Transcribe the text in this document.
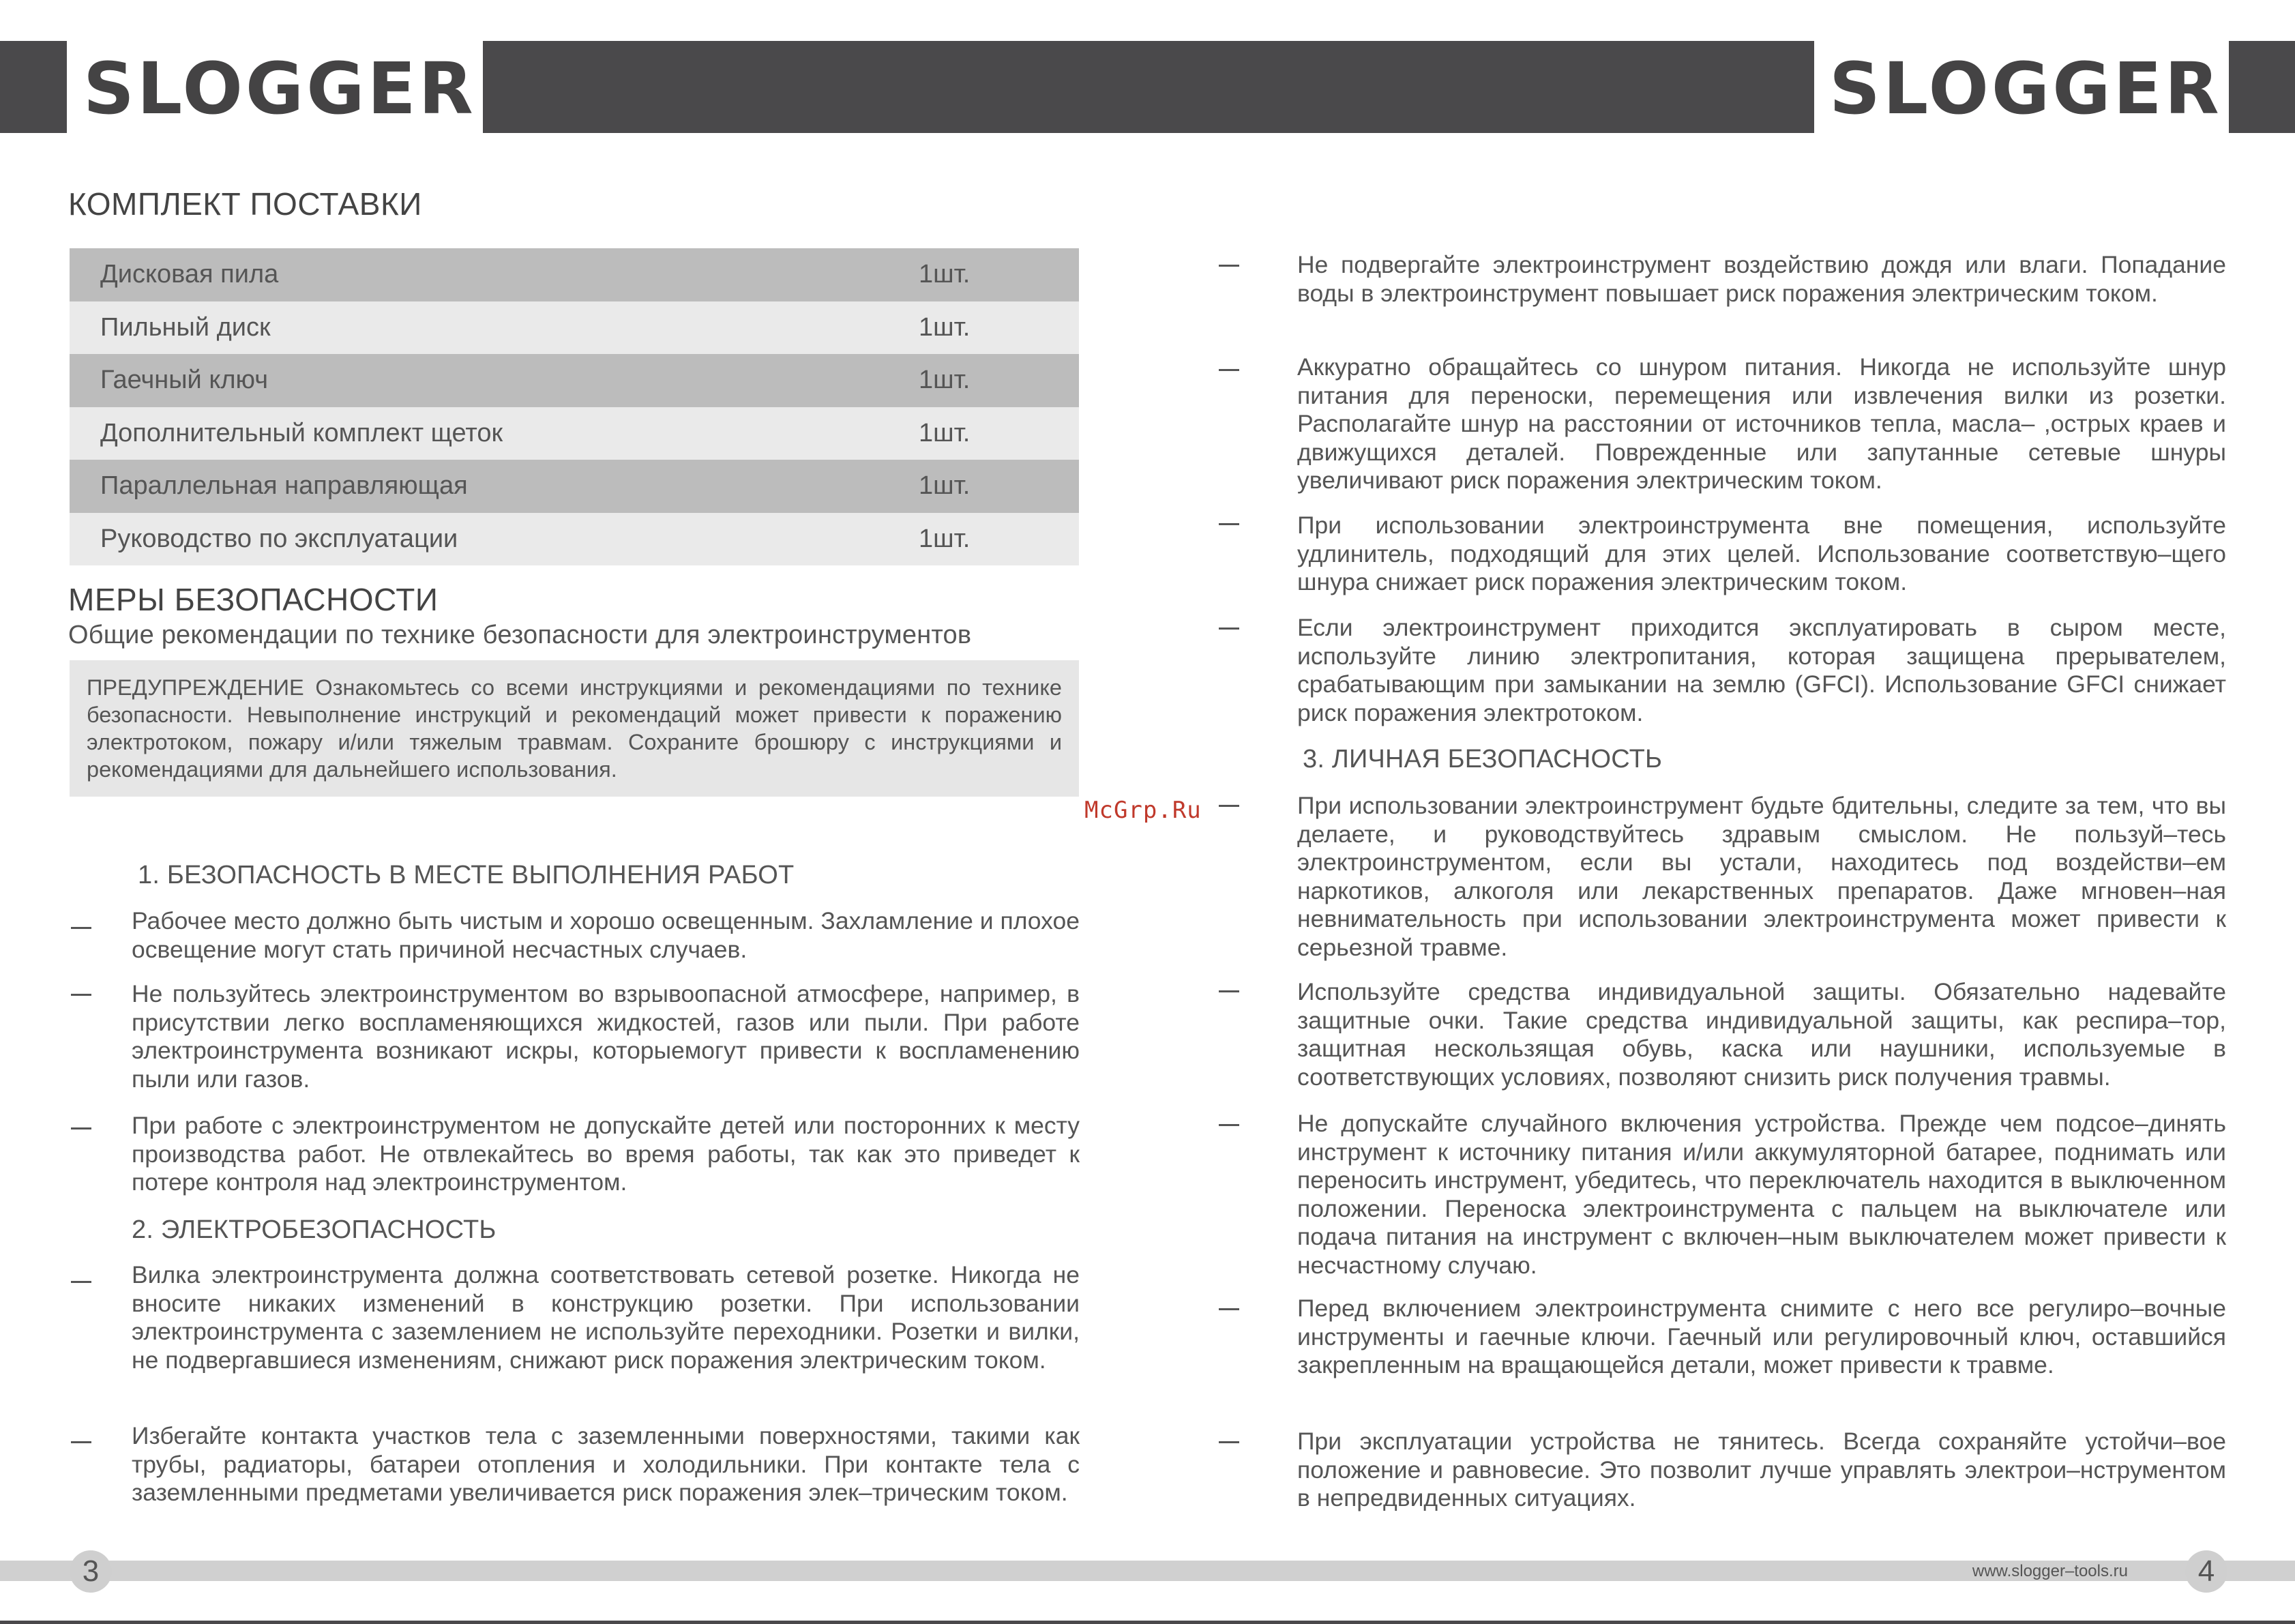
SLOGGER	SLOGGER
КОМПЛЕКТ ПОСТАВКИ
Дисковая пила	1шт.
Пильный диск	1шт.
Гаечный ключ	1шт.
Дополнительный комплект щеток	1шт.
Параллельная направляющая	1шт.
Руководство по эксплуатации	1шт.
МЕРЫ БЕЗОПАСНОСТИ
Общие рекомендации по технике безопасности для электроинструментов
ПРЕДУПРЕЖДЕНИЕ Ознакомьтесь со всеми инструкциями и рекомендациями по технике безопасности. Невыполнение инструкций и рекомендаций может привести к поражению электротоком, пожару и/или тяжелым травмам. Сохраните брошюру с инструкциями и рекомендациями для дальнейшего использования.
1. БЕЗОПАСНОСТЬ В МЕСТЕ ВЫПОЛНЕНИЯ РАБОТ
Рабочее место должно быть чистым и хорошо освещенным. Захламление и плохое освещение могут стать причиной несчастных случаев.
Не пользуйтесь электроинструментом во взрывоопасной атмосфере, например, в присутствии легко воспламеняющихся жидкостей, газов или пыли. При работе электроинструмента возникают искры, которыемогут привести к воспламенению пыли или газов.
При работе с электроинструментом не допускайте детей или посторонних к месту производства работ. Не отвлекайтесь во время работы, так как это приведет к потере контроля над электроинструментом.
2. ЭЛЕКТРОБЕЗОПАСНОСТЬ
Вилка электроинструмента должна соответствовать сетевой розетке. Никогда не вносите никаких изменений в конструкцию розетки. При использовании электроинструмента с заземлением не используйте переходники. Розетки и вилки, не подвергавшиеся изменениям, снижают риск поражения электрическим током.
Избегайте контакта участков тела с заземленными поверхностями, такими как трубы, радиаторы, батареи отопления и холодильники. При контакте тела с заземленными предметами увеличивается риск поражения элек–трическим током.
McGrp.Ru
Не подвергайте электроинструмент воздействию дождя или влаги. Попадание воды в электроинструмент повышает риск поражения электрическим током.
Аккуратно обращайтесь со шнуром питания. Никогда не используйте шнур питания для переноски, перемещения или извлечения вилки из розетки. Располагайте шнур на расстоянии от источников тепла, масла– ,острых краев и движущихся деталей. Поврежденные или запутанные сетевые шнуры увеличивают риск поражения электрическим током.
При использовании электроинструмента вне помещения, используйте удлинитель, подходящий для этих целей. Использование соответствую–щего шнура снижает риск поражения электрическим током.
Если электроинструмент приходится эксплуатировать в сыром месте, используйте линию электропитания, которая защищена прерывателем, срабатывающим при замыкании на землю (GFCI). Использование GFCI снижает риск поражения электротоком.
3. ЛИЧНАЯ БЕЗОПАСНОСТЬ
При использовании электроинструмент будьте бдительны, следите за тем, что вы делаете, и руководствуйтесь здравым смыслом. Не пользуй–тесь электроинструментом, если вы устали, находитесь под воздействи–ем наркотиков, алкоголя или лекарственных препаратов. Даже мгновен–ная невнимательность при использовании электроинструмента может привести к серьезной травме.
Используйте средства индивидуальной защиты. Обязательно надевайте защитные очки. Такие средства индивидуальной защиты, как респира–тор, защитная нескользящая обувь, каска или наушники, используемые в соответствующих условиях, позволяют снизить риск получения травмы.
Не допускайте случайного включения устройства. Прежде чем подсое–динять инструмент к источнику питания и/или аккумуляторной батарее, поднимать или переносить инструмент, убедитесь, что переключатель находится в выключенном положении. Переноска электроинструмента с пальцем на выключателе или подача питания на инструмент с включен–ным выключателем может привести к несчастному случаю.
Перед включением электроинструмента снимите с него все регулиро–вочные инструменты и гаечные ключи. Гаечный или регулировочный ключ, оставшийся закрепленным на вращающейся детали, может привести к травме.
При эксплуатации устройства не тянитесь. Всегда сохраняйте устойчи–вое положение и равновесие. Это позволит лучше управлять электрои–нструментом в непредвиденных ситуациях.
3	www.slogger–tools.ru	4
